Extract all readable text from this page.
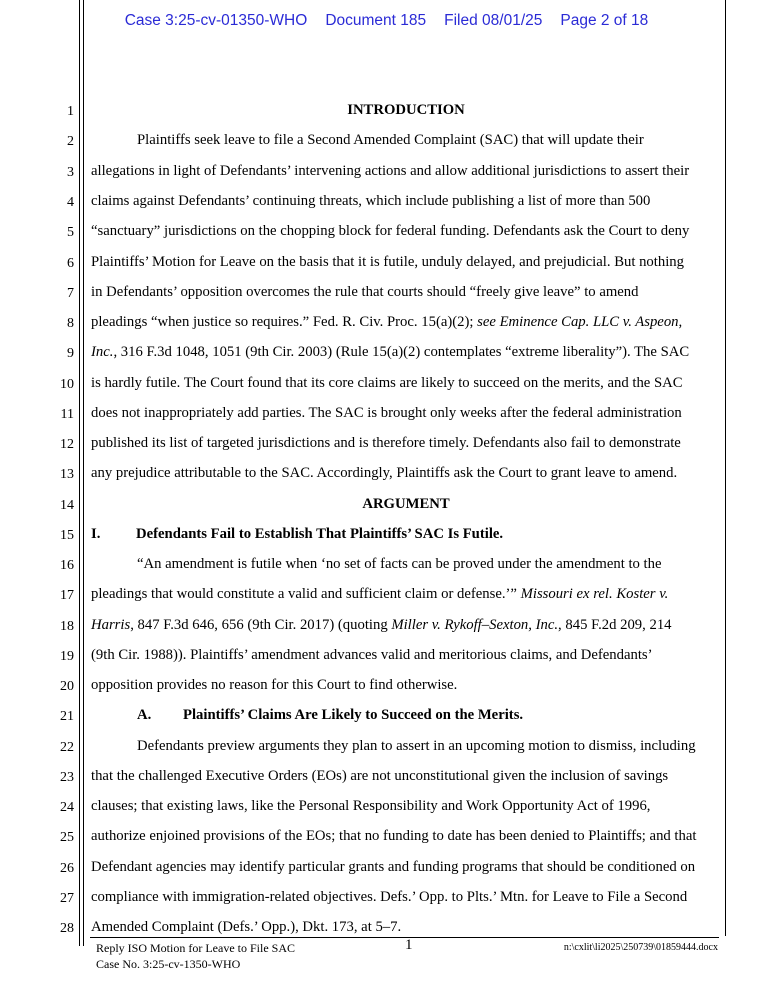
Case 3:25-cv-01350-WHO Document 185 Filed 08/01/25 Page 2 of 18
1
2
3
4
5
6
7
8
9
10
11
12
13
14
15
16
17
18
19
20
21
22
23
24
25
26
27
28
INTRODUCTION
Plaintiffs seek leave to file a Second Amended Complaint (SAC) that will update their
allegations in light of Defendants’ intervening actions and allow additional jurisdictions to assert their
claims against Defendants’ continuing threats, which include publishing a list of more than 500
“sanctuary” jurisdictions on the chopping block for federal funding. Defendants ask the Court to deny
Plaintiffs’ Motion for Leave on the basis that it is futile, unduly delayed, and prejudicial. But nothing
in Defendants’ opposition overcomes the rule that courts should “freely give leave” to amend
pleadings “when justice so requires.” Fed. R. Civ. Proc. 15(a)(2); see Eminence Cap. LLC v. Aspeon,
Inc., 316 F.3d 1048, 1051 (9th Cir. 2003) (Rule 15(a)(2) contemplates “extreme liberality”). The SAC
is hardly futile. The Court found that its core claims are likely to succeed on the merits, and the SAC
does not inappropriately add parties. The SAC is brought only weeks after the federal administration
published its list of targeted jurisdictions and is therefore timely. Defendants also fail to demonstrate
any prejudice attributable to the SAC. Accordingly, Plaintiffs ask the Court to grant leave to amend.
ARGUMENT
I. Defendants Fail to Establish That Plaintiffs’ SAC Is Futile.
“An amendment is futile when ‘no set of facts can be proved under the amendment to the
pleadings that would constitute a valid and sufficient claim or defense.’” Missouri ex rel. Koster v.
Harris, 847 F.3d 646, 656 (9th Cir. 2017) (quoting Miller v. Rykoff–Sexton, Inc., 845 F.2d 209, 214
(9th Cir. 1988)). Plaintiffs’ amendment advances valid and meritorious claims, and Defendants’
opposition provides no reason for this Court to find otherwise.
A. Plaintiffs’ Claims Are Likely to Succeed on the Merits.
Defendants preview arguments they plan to assert in an upcoming motion to dismiss, including
that the challenged Executive Orders (EOs) are not unconstitutional given the inclusion of savings
clauses; that existing laws, like the Personal Responsibility and Work Opportunity Act of 1996,
authorize enjoined provisions of the EOs; that no funding to date has been denied to Plaintiffs; and that
Defendant agencies may identify particular grants and funding programs that should be conditioned on
compliance with immigration-related objectives. Defs.’ Opp. to Plts.’ Mtn. for Leave to File a Second
Amended Complaint (Defs.’ Opp.), Dkt. 173, at 5–7.
Reply ISO Motion for Leave to File SAC
Case No. 3:25-cv-1350-WHO
1	n:\cxlit\li2025\250739\01859444.docx
